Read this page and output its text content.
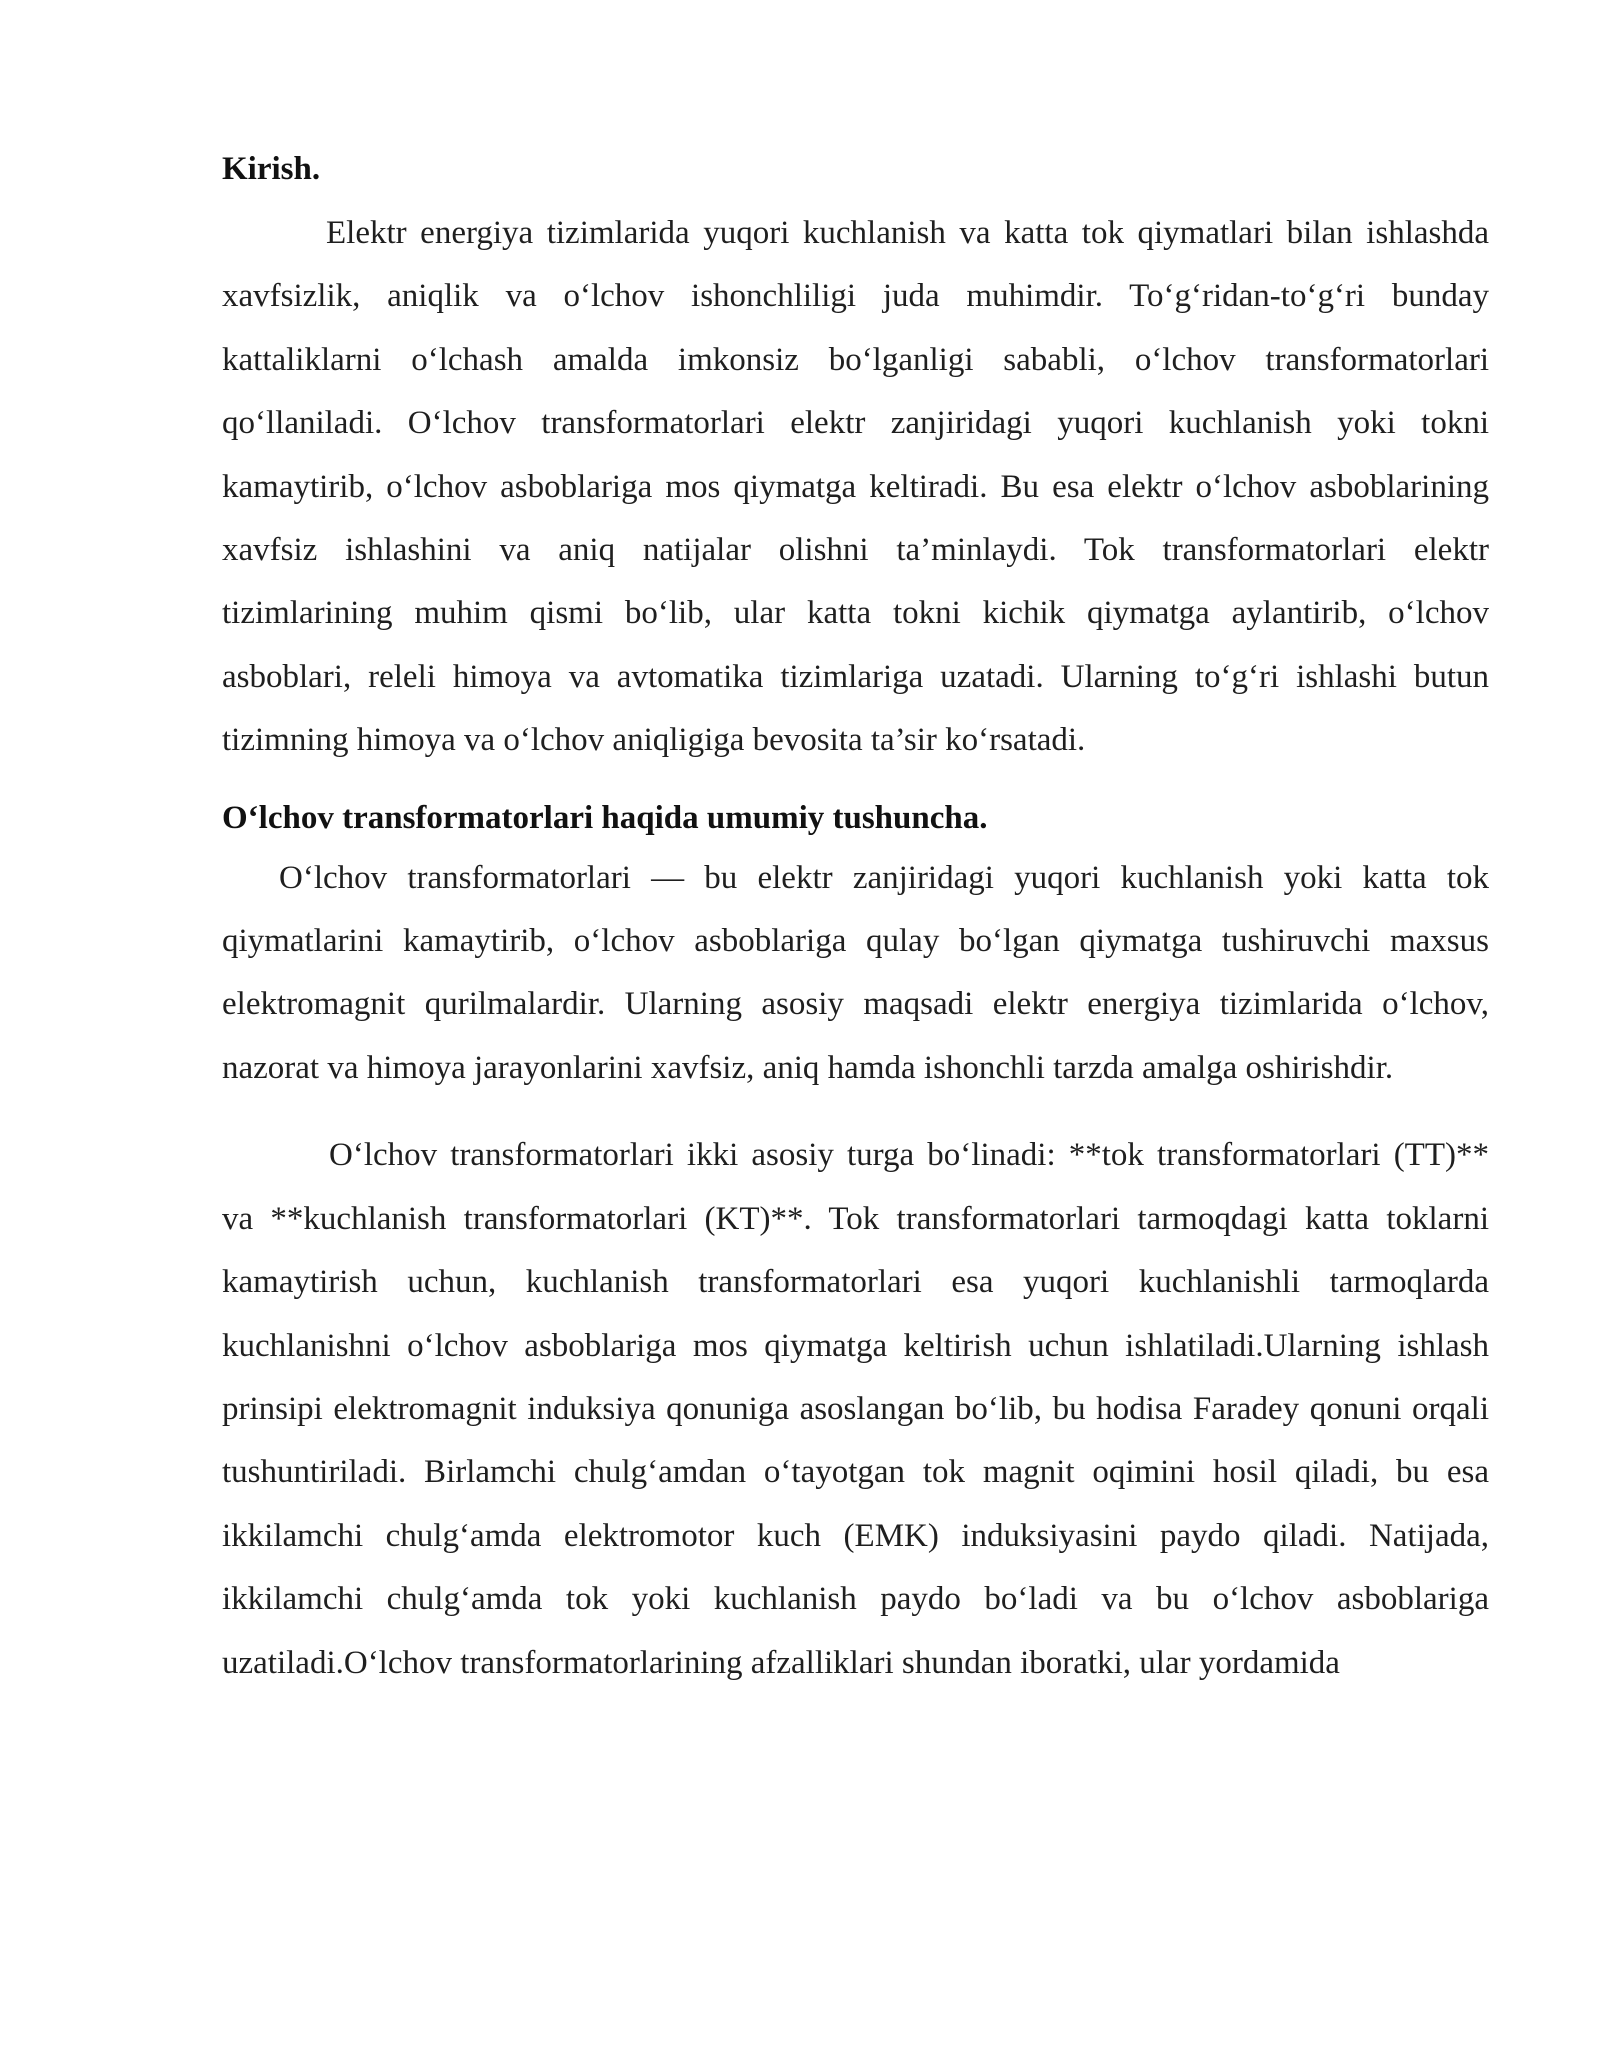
Kirish.

Elektr energiya tizimlarida yuqori kuchlanish va katta tok qiymatlari bilan ishlashda xavfsizlik, aniqlik va o‘lchov ishonchliligi juda muhimdir. To‘g‘ridan-to‘g‘ri bunday kattaliklarni o‘lchash amalda imkonsiz bo‘lganligi sababli, o‘lchov transformatorlari qo‘llaniladi. O‘lchov transformatorlari elektr zanjiridagi yuqori kuchlanish yoki tokni kamaytirib, o‘lchov asboblariga mos qiymatga keltiradi. Bu esa elektr o‘lchov asboblarining xavfsiz ishlashini va aniq natijalar olishni ta’minlaydi. Tok transformatorlari elektr tizimlarining muhim qismi bo‘lib, ular katta tokni kichik qiymatga aylantirib, o‘lchov asboblari, releli himoya va avtomatika tizimlariga uzatadi. Ularning to‘g‘ri ishlashi butun tizimning himoya va o‘lchov aniqligiga bevosita ta’sir ko‘rsatadi.

O‘lchov transformatorlari haqida umumiy tushuncha.

O‘lchov transformatorlari — bu elektr zanjiridagi yuqori kuchlanish yoki katta tok qiymatlarini kamaytirib, o‘lchov asboblariga qulay bo‘lgan qiymatga tushiruvchi maxsus elektromagnit qurilmalardir. Ularning asosiy maqsadi elektr energiya tizimlarida o‘lchov, nazorat va himoya jarayonlarini xavfsiz, aniq hamda ishonchli tarzda amalga oshirishdir.

O‘lchov transformatorlari ikki asosiy turga bo‘linadi: **tok transformatorlari (TT)** va **kuchlanish transformatorlari (KT)**. Tok transformatorlari tarmoqdagi katta toklarni kamaytirish uchun, kuchlanish transformatorlari esa yuqori kuchlanishli tarmoqlarda kuchlanishni o‘lchov asboblariga mos qiymatga keltirish uchun ishlatiladi.Ularning ishlash prinsipi elektromagnit induksiya qonuniga asoslangan bo‘lib, bu hodisa Faradey qonuni orqali tushuntiriladi. Birlamchi chulg‘amdan o‘tayotgan tok magnit oqimini hosil qiladi, bu esa ikkilamchi chulg‘amda elektromotor kuch (EMK) induksiyasini paydo qiladi. Natijada, ikkilamchi chulg‘amda tok yoki kuchlanish paydo bo‘ladi va bu o‘lchov asboblariga uzatiladi.O‘lchov transformatorlarining afzalliklari shundan iboratki, ular yordamida
